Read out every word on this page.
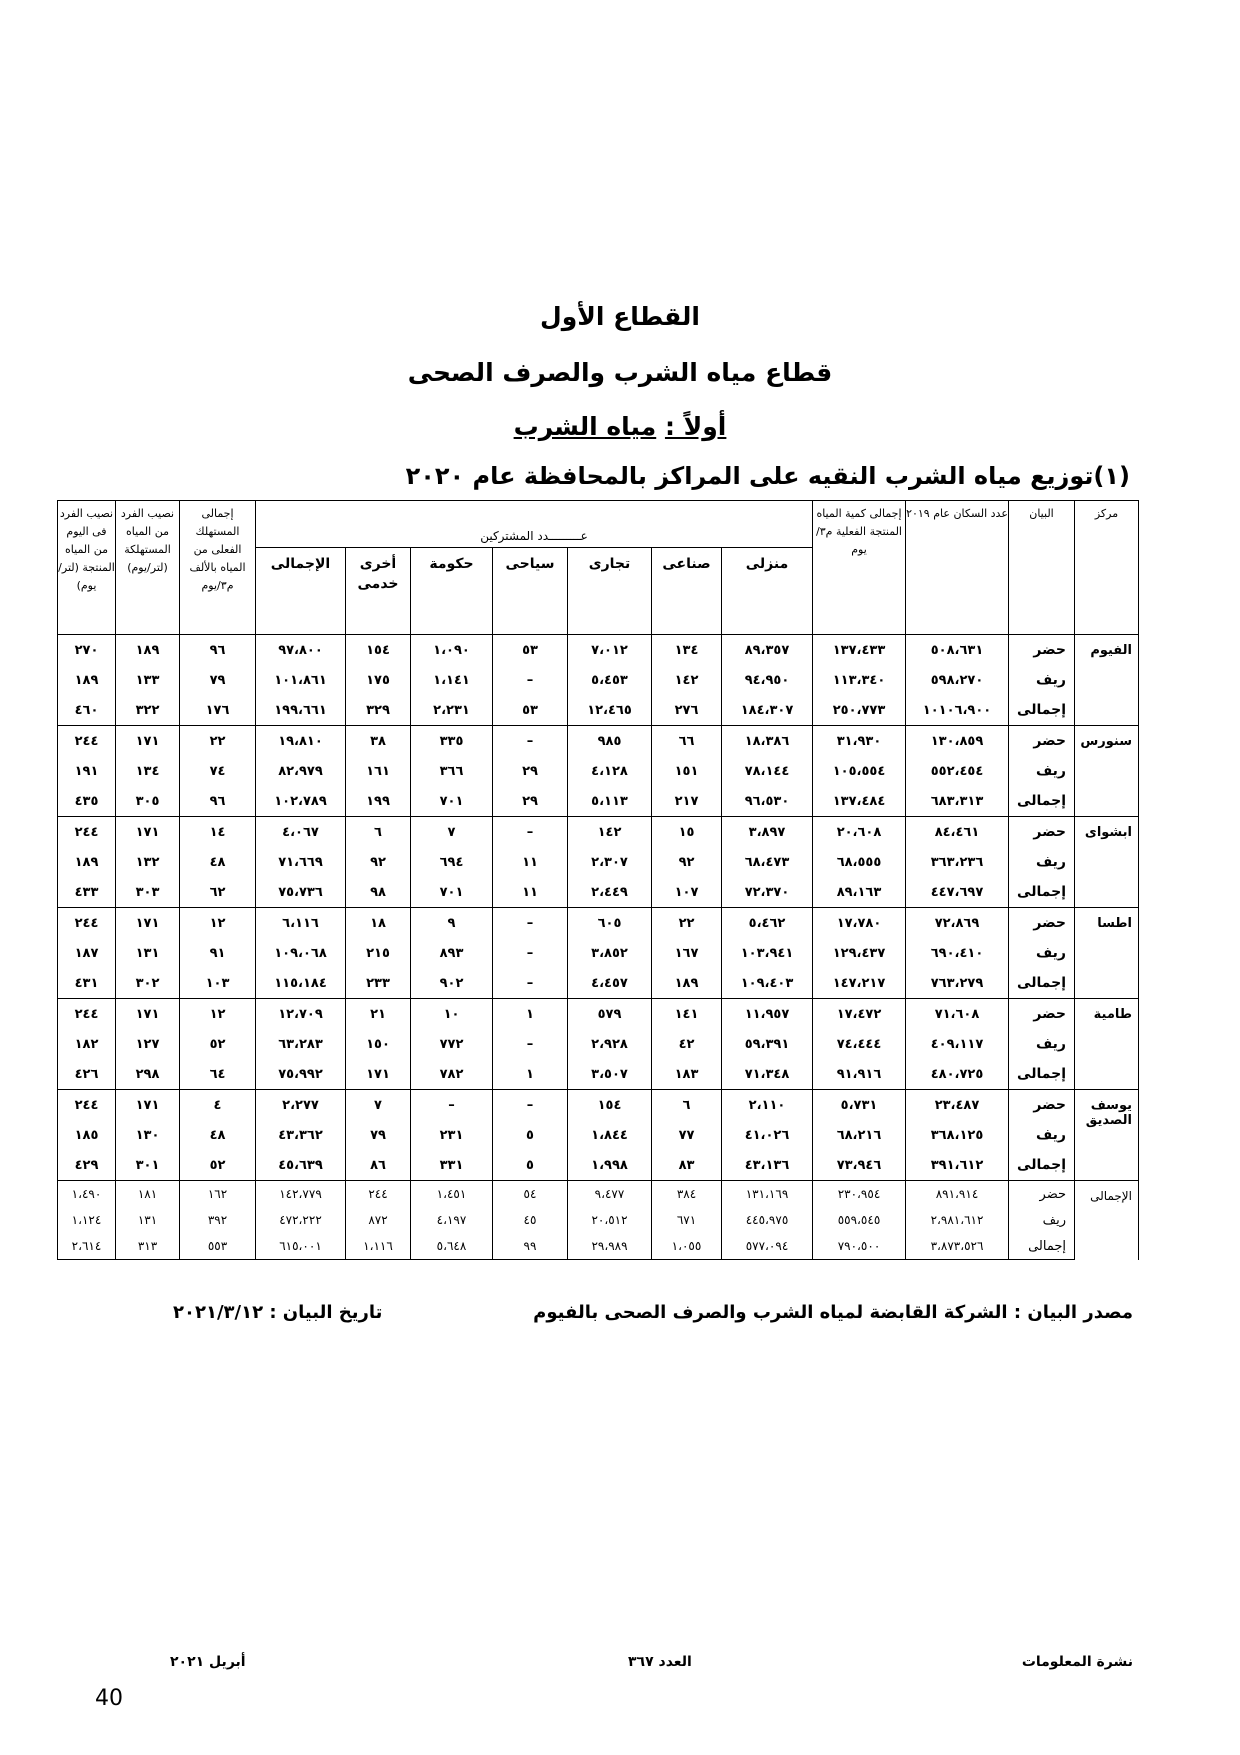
القطاع الأول
قطاع مياه الشرب والصرف الصحى
أولاً : مياه الشرب
(١)توزيع مياه الشرب النقيه على المراكز بالمحافظة عام ٢٠٢٠
مركز	البيان	عدد السكان عام ٢٠١٩	إجمالى كمية المياه المنتجة الفعلية م٣/يوم	عـــــــــدد المشتركين							إجمالى المستهلك الفعلى من المياه بالألف م٣/يوم	نصيب الفرد من المياه المستهلكة (لتر/يوم)	نصيب الفرد فى اليوم من المياه المنتجة (لتر/يوم)
				منزلى	صناعى	تجارى	سياحى	حكومة	أخرى خدمى	الإجمالى			
الفيوم	حضر	٥٠٨،٦٣١	١٣٧،٤٣٣	٨٩،٣٥٧	١٣٤	٧،٠١٢	٥٣	١،٠٩٠	١٥٤	٩٧،٨٠٠	٩٦	١٨٩	٢٧٠
	ريف	٥٩٨،٢٧٠	١١٣،٣٤٠	٩٤،٩٥٠	١٤٢	٥،٤٥٣	–	١،١٤١	١٧٥	١٠١،٨٦١	٧٩	١٣٣	١٨٩
	إجمالى	١٠١٠٦،٩٠٠	٢٥٠،٧٧٣	١٨٤،٣٠٧	٢٧٦	١٢،٤٦٥	٥٣	٢،٢٣١	٣٢٩	١٩٩،٦٦١	١٧٦	٣٢٢	٤٦٠
سنورس	حضر	١٣٠،٨٥٩	٣١،٩٣٠	١٨،٣٨٦	٦٦	٩٨٥	–	٣٣٥	٣٨	١٩،٨١٠	٢٢	١٧١	٢٤٤
	ريف	٥٥٢،٤٥٤	١٠٥،٥٥٤	٧٨،١٤٤	١٥١	٤،١٢٨	٢٩	٣٦٦	١٦١	٨٢،٩٧٩	٧٤	١٣٤	١٩١
	إجمالى	٦٨٣،٣١٣	١٣٧،٤٨٤	٩٦،٥٣٠	٢١٧	٥،١١٣	٢٩	٧٠١	١٩٩	١٠٢،٧٨٩	٩٦	٣٠٥	٤٣٥
ابشواى	حضر	٨٤،٤٦١	٢٠،٦٠٨	٣،٨٩٧	١٥	١٤٢	–	٧	٦	٤،٠٦٧	١٤	١٧١	٢٤٤
	ريف	٣٦٣،٢٣٦	٦٨،٥٥٥	٦٨،٤٧٣	٩٢	٢،٣٠٧	١١	٦٩٤	٩٢	٧١،٦٦٩	٤٨	١٣٢	١٨٩
	إجمالى	٤٤٧،٦٩٧	٨٩،١٦٣	٧٢،٣٧٠	١٠٧	٢،٤٤٩	١١	٧٠١	٩٨	٧٥،٧٣٦	٦٢	٣٠٣	٤٣٣
اطسا	حضر	٧٢،٨٦٩	١٧،٧٨٠	٥،٤٦٢	٢٢	٦٠٥	–	٩	١٨	٦،١١٦	١٢	١٧١	٢٤٤
	ريف	٦٩٠،٤١٠	١٢٩،٤٣٧	١٠٣،٩٤١	١٦٧	٣،٨٥٢	–	٨٩٣	٢١٥	١٠٩،٠٦٨	٩١	١٣١	١٨٧
	إجمالى	٧٦٣،٢٧٩	١٤٧،٢١٧	١٠٩،٤٠٣	١٨٩	٤،٤٥٧	–	٩٠٢	٢٣٣	١١٥،١٨٤	١٠٣	٣٠٢	٤٣١
طامية	حضر	٧١،٦٠٨	١٧،٤٧٢	١١،٩٥٧	١٤١	٥٧٩	١	١٠	٢١	١٢،٧٠٩	١٢	١٧١	٢٤٤
	ريف	٤٠٩،١١٧	٧٤،٤٤٤	٥٩،٣٩١	٤٢	٢،٩٢٨	–	٧٧٢	١٥٠	٦٣،٢٨٣	٥٢	١٢٧	١٨٢
	إجمالى	٤٨٠،٧٢٥	٩١،٩١٦	٧١،٣٤٨	١٨٣	٣،٥٠٧	١	٧٨٢	١٧١	٧٥،٩٩٢	٦٤	٢٩٨	٤٢٦
يوسف الصديق	حضر	٢٣،٤٨٧	٥،٧٣١	٢،١١٠	٦	١٥٤	–	–	٧	٢،٢٧٧	٤	١٧١	٢٤٤
	ريف	٣٦٨،١٢٥	٦٨،٢١٦	٤١،٠٢٦	٧٧	١،٨٤٤	٥	٢٣١	٧٩	٤٣،٣٦٢	٤٨	١٣٠	١٨٥
	إجمالى	٣٩١،٦١٢	٧٣،٩٤٦	٤٣،١٣٦	٨٣	١،٩٩٨	٥	٣٣١	٨٦	٤٥،٦٣٩	٥٢	٣٠١	٤٢٩
الإجمالى	حضر	٨٩١،٩١٤	٢٣٠،٩٥٤	١٣١،١٦٩	٣٨٤	٩،٤٧٧	٥٤	١،٤٥١	٢٤٤	١٤٢،٧٧٩	١٦٢	١٨١	١،٤٩٠
	ريف	٢،٩٨١،٦١٢	٥٥٩،٥٤٥	٤٤٥،٩٧٥	٦٧١	٢٠،٥١٢	٤٥	٤،١٩٧	٨٧٢	٤٧٢،٢٢٢	٣٩٢	١٣١	١،١٢٤
	إجمالى	٣،٨٧٣،٥٢٦	٧٩٠،٥٠٠	٥٧٧،٠٩٤	١،٠٥٥	٢٩،٩٨٩	٩٩	٥،٦٤٨	١،١١٦	٦١٥،٠٠١	٥٥٣	٣١٣	٢،٦١٤
مصدر البيان : الشركة القابضة لمياه الشرب والصرف الصحى بالفيوم
تاريخ البيان : ٢٠٢١/٣/١٢
نشرة المعلومات
العدد ٣٦٧
أبريل ٢٠٢١
40
